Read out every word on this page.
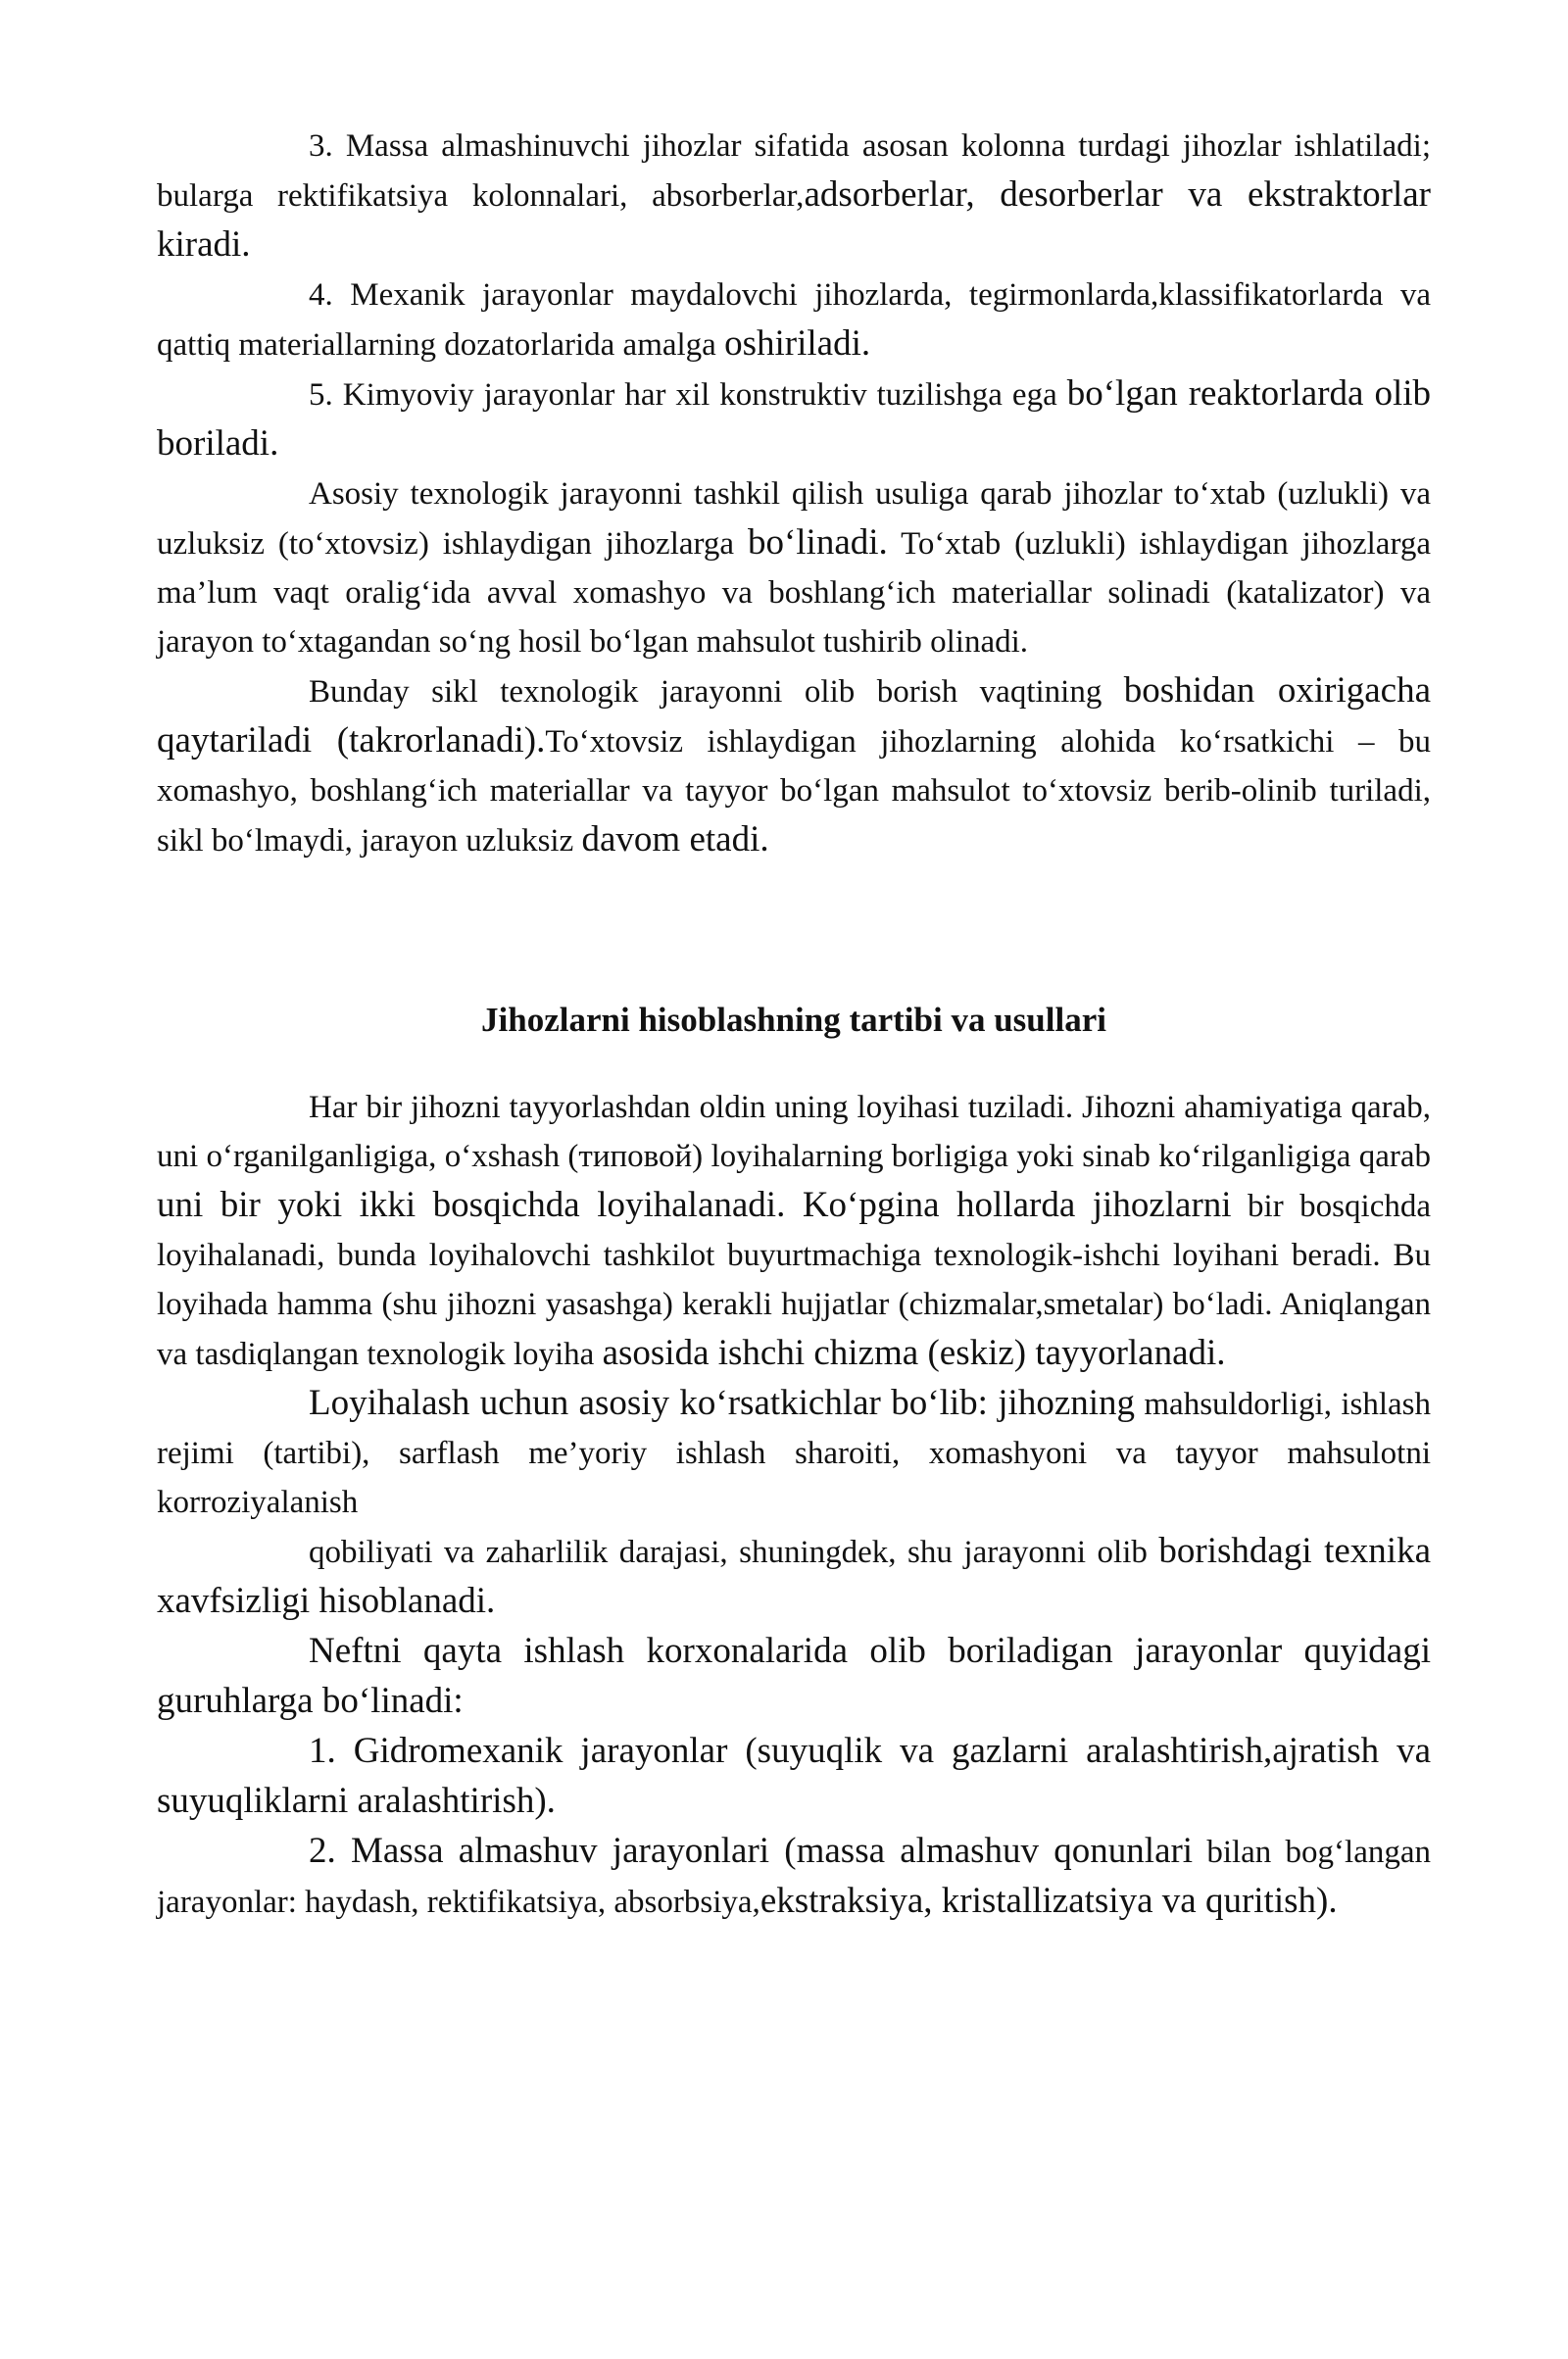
3. Massa almashinuvchi jihozlar sifatida asosan kolonna turdagi jihozlar ishlatiladi; bularga rektifikatsiya kolonnalari, absorberlar,adsorberlar, desorberlar va ekstraktorlar kiradi.

4. Mexanik jarayonlar maydalovchi jihozlarda, tegirmonlarda,klassifikatorlarda va qattiq materiallarning dozatorlarida amalga oshiriladi.

5. Kimyoviy jarayonlar har xil konstruktiv tuzilishga ega bo‘lgan reaktorlarda olib boriladi.

Asosiy texnologik jarayonni tashkil qilish usuliga qarab jihozlar to‘xtab (uzlukli) va uzluksiz (to‘xtovsiz) ishlaydigan jihozlarga bo‘linadi. To‘xtab (uzlukli) ishlaydigan jihozlarga ma’lum vaqt oralig‘ida avval xomashyo va boshlang‘ich materiallar solinadi (katalizator) va jarayon to‘xtagandan so‘ng hosil bo‘lgan mahsulot tushirib olinadi.

Bunday sikl texnologik jarayonni olib borish vaqtining boshidan oxirigacha qaytariladi (takrorlanadi).To‘xtovsiz ishlaydigan jihozlarning alohida ko‘rsatkichi – bu xomashyo, boshlang‘ich materiallar va tayyor bo‘lgan mahsulot to‘xtovsiz berib-olinib turiladi, sikl bo‘lmaydi, jarayon uzluksiz davom etadi.

Jihozlarni hisoblashning tartibi va usullari

Har bir jihozni tayyorlashdan oldin uning loyihasi tuziladi. Jihozni ahamiyatiga qarab, uni o‘rganilganligiga, o‘xshash (типовой) loyihalarning borligiga yoki sinab ko‘rilganligiga qarab uni bir yoki ikki bosqichda loyihalanadi. Ko‘pgina hollarda jihozlarni bir bosqichda loyihalanadi, bunda loyihalovchi tashkilot buyurtmachiga texnologik-ishchi loyihani beradi. Bu loyihada hamma (shu jihozni yasashga) kerakli hujjatlar (chizmalar,smetalar) bo‘ladi. Aniqlangan va tasdiqlangan texnologik loyiha asosida ishchi chizma (eskiz) tayyorlanadi.

Loyihalash uchun asosiy ko‘rsatkichlar bo‘lib: jihozning mahsuldorligi, ishlash rejimi (tartibi), sarflash me’yoriy ishlash sharoiti, xomashyoni va tayyor mahsulotni korroziyalanish

qobiliyati va zaharlilik darajasi, shuningdek, shu jarayonni olib borishdagi texnika xavfsizligi hisoblanadi.

Neftni qayta ishlash korxonalarida olib boriladigan jarayonlar quyidagi guruhlarga bo‘linadi:

1. Gidromexanik jarayonlar (suyuqlik va gazlarni aralashtirish,ajratish va suyuqliklarni aralashtirish).

2. Massa almashuv jarayonlari (massa almashuv qonunlari bilan bog‘langan jarayonlar: haydash, rektifikatsiya, absorbsiya,ekstraksiya, kristallizatsiya va quritish).
